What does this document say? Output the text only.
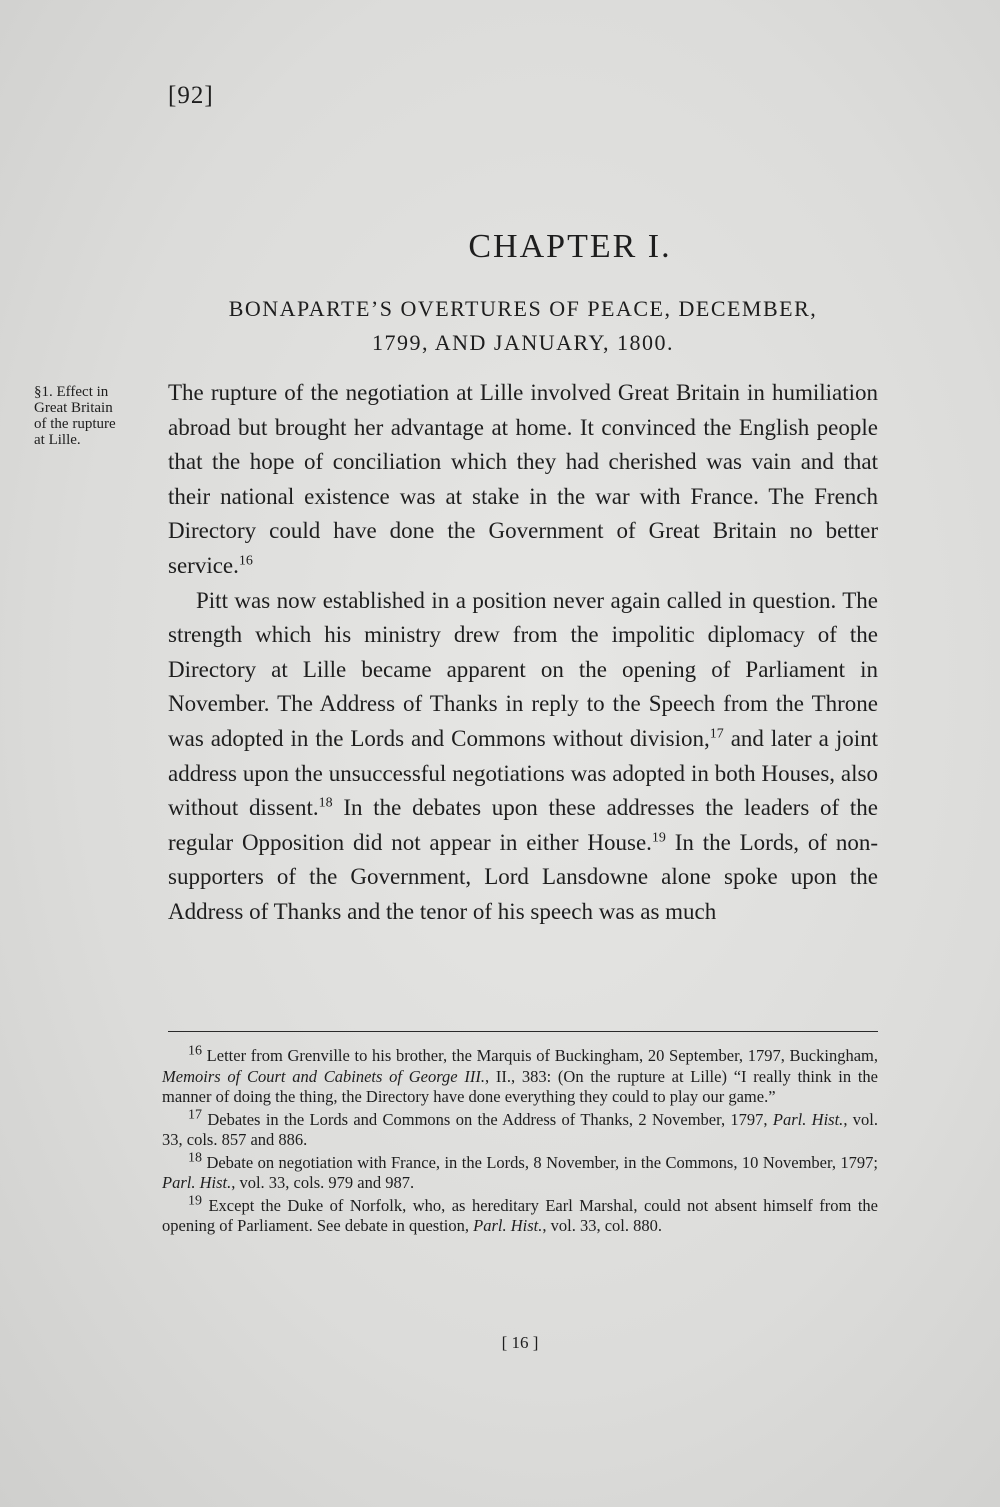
[92]
CHAPTER I.
BONAPARTE’S OVERTURES OF PEACE, DECEMBER,
1799, AND JANUARY, 1800.
§1. Effect in
Great Britain
of the rupture
at Lille.

The rupture of the negotiation at Lille involved Great Britain in humiliation abroad but brought her advantage at home. It convinced the English people that the hope of conciliation which they had cherished was vain and that their national existence was at stake in the war with France. The French Directory could have done the Government of Great Britain no better service.$^{16}$

Pitt was now established in a position never again called in question. The strength which his ministry drew from the impolitic diplomacy of the Directory at Lille became apparent on the opening of Parliament in November. The Address of Thanks in reply to the Speech from the Throne was adopted in the Lords and Commons without division,$^{17}$ and later a joint address upon the unsuccessful negotiations was adopted in both Houses, also without dissent.$^{18}$ In the debates upon these addresses the leaders of the regular Opposition did not appear in either House.$^{19}$ In the Lords, of non-supporters of the Government, Lord Lansdowne alone spoke upon the Address of Thanks and the tenor of his speech was as much

$^{16}$ Letter from Grenville to his brother, the Marquis of Buckingham, 20 September, 1797, Buckingham, Memoirs of Court and Cabinets of George III., II., 383: (On the rupture at Lille) “I really think in the manner of doing the thing, the Directory have done everything they could to play our game.”

$^{17}$ Debates in the Lords and Commons on the Address of Thanks, 2 November, 1797, Parl. Hist., vol. 33, cols. 857 and 886.

$^{18}$ Debate on negotiation with France, in the Lords, 8 November, in the Commons, 10 November, 1797; Parl. Hist., vol. 33, cols. 979 and 987.

$^{19}$ Except the Duke of Norfolk, who, as hereditary Earl Marshal, could not absent himself from the opening of Parliament. See debate in question, Parl. Hist., vol. 33, col. 880.

[ 16 ]
